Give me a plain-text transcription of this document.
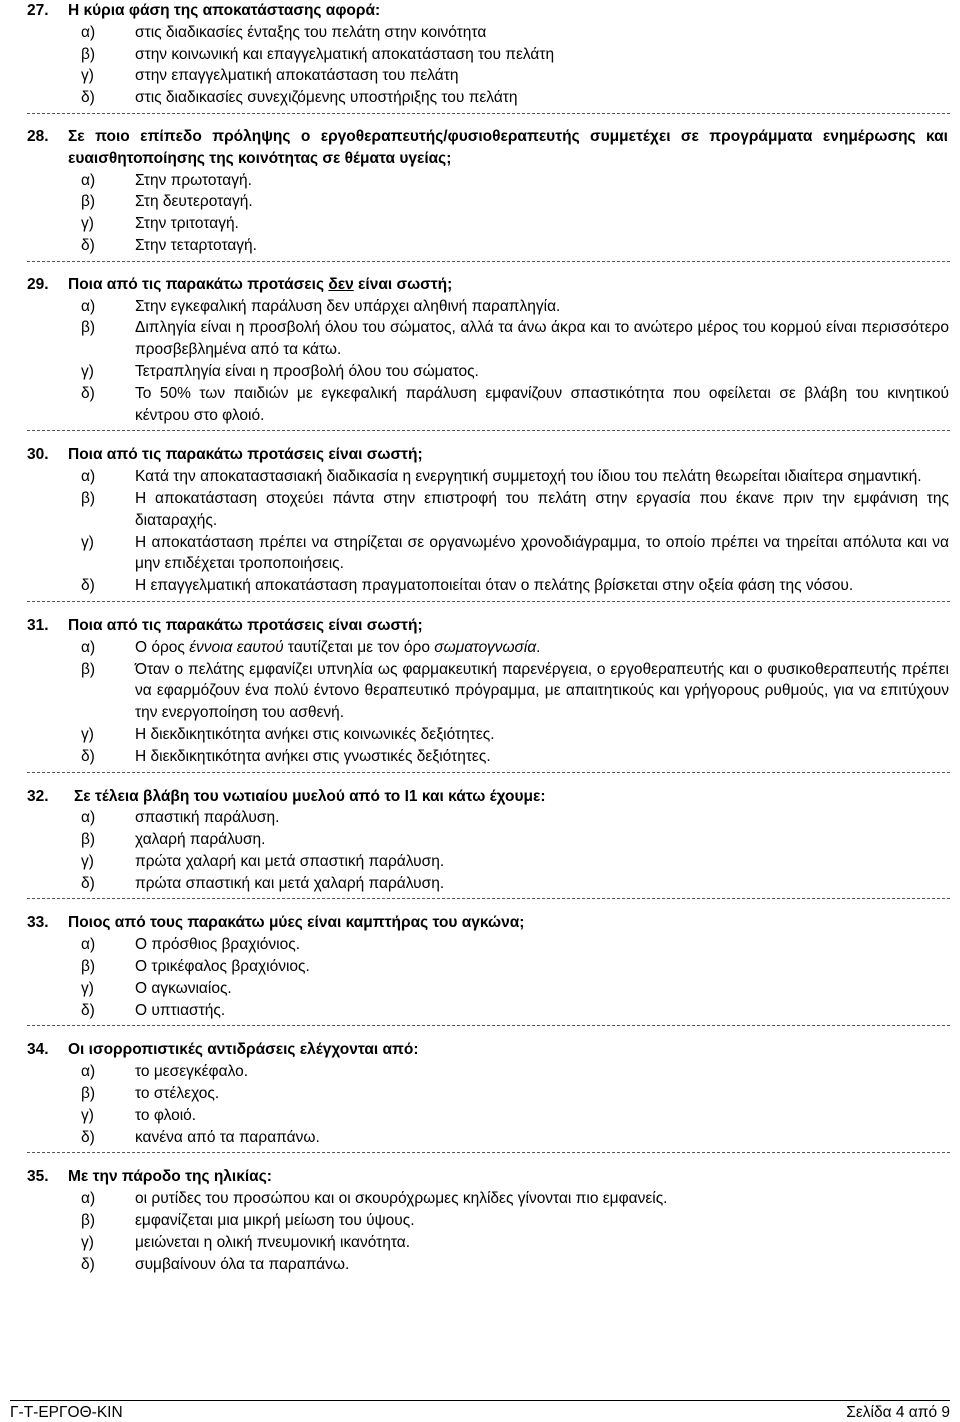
27.	Η κύρια φάση της αποκατάστασης αφορά:
α)	στις διαδικασίες ένταξης του πελάτη στην κοινότητα
β)	στην κοινωνική και επαγγελματική αποκατάσταση του πελάτη
γ)	στην επαγγελματική αποκατάσταση του πελάτη
δ)	στις διαδικασίες συνεχιζόμενης υποστήριξης του πελάτη
28.	Σε ποιο επίπεδο πρόληψης ο εργοθεραπευτής/φυσιοθεραπευτής συμμετέχει σε προγράμματα ενημέρωσης και ευαισθητοποίησης της κοινότητας σε θέματα υγείας;
α)	Στην πρωτοταγή.
β)	Στη δευτεροταγή.
γ)	Στην τριτοταγή.
δ)	Στην τεταρτοταγή.
29.	Ποια από τις παρακάτω προτάσεις δεν είναι σωστή;
α)	Στην εγκεφαλική παράλυση δεν υπάρχει αληθινή παραπληγία.
β)	Διπληγία είναι η προσβολή όλου του σώματος, αλλά τα άνω άκρα και το ανώτερο μέρος του κορμού είναι περισσότερο προσβεβλημένα από τα κάτω.
γ)	Τετραπληγία είναι η προσβολή όλου του σώματος.
δ)	Το 50% των παιδιών με εγκεφαλική παράλυση εμφανίζουν σπαστικότητα που οφείλεται σε βλάβη του κινητικού κέντρου στο φλοιό.
30.	Ποια από τις παρακάτω προτάσεις είναι σωστή;
α)	Κατά την αποκαταστασιακή διαδικασία η ενεργητική συμμετοχή του ίδιου του πελάτη θεωρείται ιδιαίτερα σημαντική.
β)	Η αποκατάσταση στοχεύει πάντα στην επιστροφή του πελάτη στην εργασία που έκανε πριν την εμφάνιση της διαταραχής.
γ)	Η αποκατάσταση πρέπει να στηρίζεται σε οργανωμένο χρονοδιάγραμμα, το οποίο πρέπει να τηρείται απόλυτα και να μην επιδέχεται τροποποιήσεις.
δ)	Η επαγγελματική αποκατάσταση πραγματοποιείται όταν ο πελάτης βρίσκεται στην οξεία φάση της νόσου.
31.	Ποια από τις παρακάτω προτάσεις είναι σωστή;
α)	Ο όρος έννοια εαυτού ταυτίζεται με τον όρο σωματογνωσία.
β)	Όταν ο πελάτης εμφανίζει υπνηλία ως φαρμακευτική παρενέργεια, ο εργοθεραπευτής και ο φυσικοθεραπευτής πρέπει να εφαρμόζουν ένα πολύ έντονο θεραπευτικό πρόγραμμα, με απαιτητικούς και γρήγορους ρυθμούς, για να επιτύχουν την ενεργοποίηση του ασθενή.
γ)	Η διεκδικητικότητα ανήκει στις κοινωνικές δεξιότητες.
δ)	Η διεκδικητικότητα ανήκει στις γνωστικές δεξιότητες.
32.	Σε τέλεια βλάβη του νωτιαίου μυελού από το Ι1 και κάτω έχουμε:
α)	σπαστική παράλυση.
β)	χαλαρή παράλυση.
γ)	πρώτα χαλαρή και μετά σπαστική παράλυση.
δ)	πρώτα σπαστική και μετά χαλαρή παράλυση.
33.	Ποιος από τους παρακάτω μύες είναι καμπτήρας του αγκώνα;
α)	Ο πρόσθιος βραχιόνιος.
β)	Ο τρικέφαλος βραχιόνιος.
γ)	Ο αγκωνιαίος.
δ)	Ο υπτιαστής.
34.	Οι ισορροπιστικές αντιδράσεις ελέγχονται από:
α)	το μεσεγκέφαλο.
β)	το στέλεχος.
γ)	το φλοιό.
δ)	κανένα από τα παραπάνω.
35.	Με την πάροδο της ηλικίας:
α)	οι ρυτίδες του προσώπου και οι σκουρόχρωμες κηλίδες γίνονται πιο εμφανείς.
β)	εμφανίζεται μια μικρή μείωση του ύψους.
γ)	μειώνεται η ολική πνευμονική ικανότητα.
δ)	συμβαίνουν όλα τα παραπάνω.
Γ-Τ-ΕΡΓΟΘ-ΚΙΝ	Σελίδα 4 από 9
